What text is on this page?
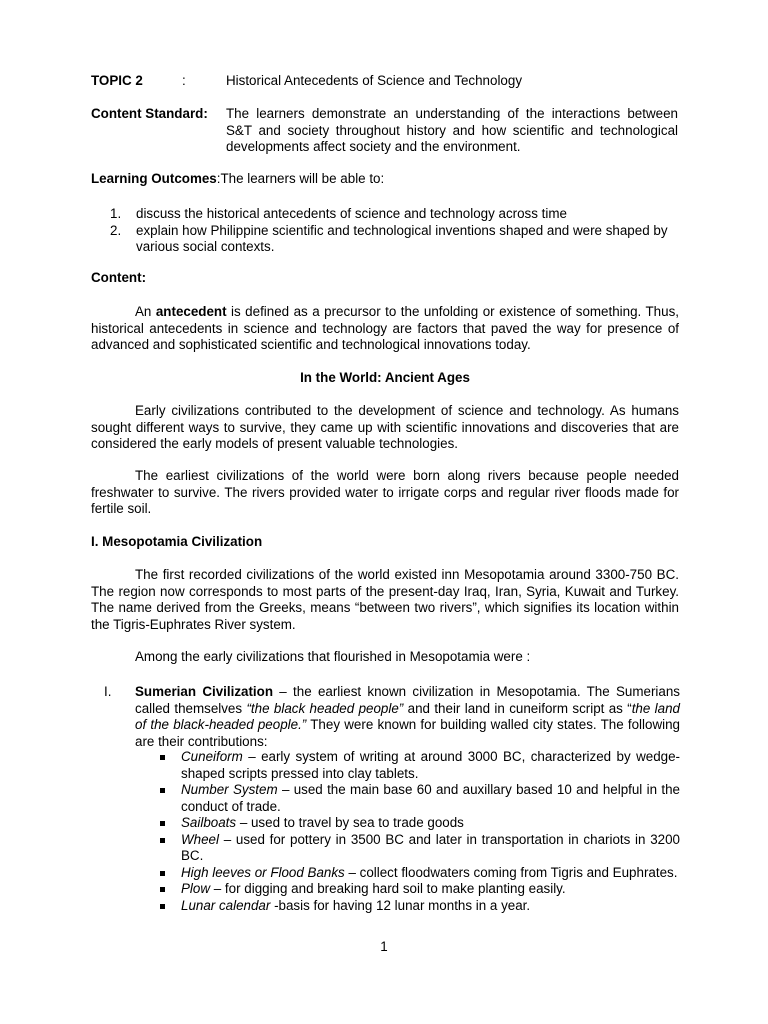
TOPIC 2	:	Historical Antecedents of Science and Technology
Content Standard: The learners demonstrate an understanding of the interactions between S&T and society throughout history and how scientific and technological developments affect society and the environment.
Learning Outcomes:The learners will be able to:
1. discuss the historical antecedents of science and technology across time
2. explain how Philippine scientific and technological inventions shaped and were shaped by various social contexts.
Content:
An antecedent is defined as a precursor to the unfolding or existence of something. Thus, historical antecedents in science and technology are factors that paved the way for presence of advanced and sophisticated scientific and technological innovations today.
In the World: Ancient Ages
Early civilizations contributed to the development of science and technology. As humans sought different ways to survive, they came up with scientific innovations and discoveries that are considered the early models of present valuable technologies.
The earliest civilizations of the world were born along rivers because people needed freshwater to survive. The rivers provided water to irrigate corps and regular river floods made for fertile soil.
I. Mesopotamia Civilization
The first recorded civilizations of the world existed inn Mesopotamia around 3300-750 BC. The region now corresponds to most parts of the present-day Iraq, Iran, Syria, Kuwait and Turkey. The name derived from the Greeks, means “between two rivers”, which signifies its location within the Tigris-Euphrates River system.
Among the early civilizations that flourished in Mesopotamia were :
I. Sumerian Civilization – the earliest known civilization in Mesopotamia. The Sumerians called themselves “the black headed people” and their land in cuneiform script as “the land of the black-headed people.” They were known for building walled city states. The following are their contributions:
Cuneiform – early system of writing at around 3000 BC, characterized by wedge-shaped scripts pressed into clay tablets.
Number System – used the main base 60 and auxillary based 10 and helpful in the conduct of trade.
Sailboats – used to travel by sea to trade goods
Wheel – used for pottery in 3500 BC and later in transportation in chariots in 3200 BC.
High leeves or Flood Banks – collect floodwaters coming from Tigris and Euphrates.
Plow – for digging and breaking hard soil to make planting easily.
Lunar calendar -basis for having 12 lunar months in a year.
1
